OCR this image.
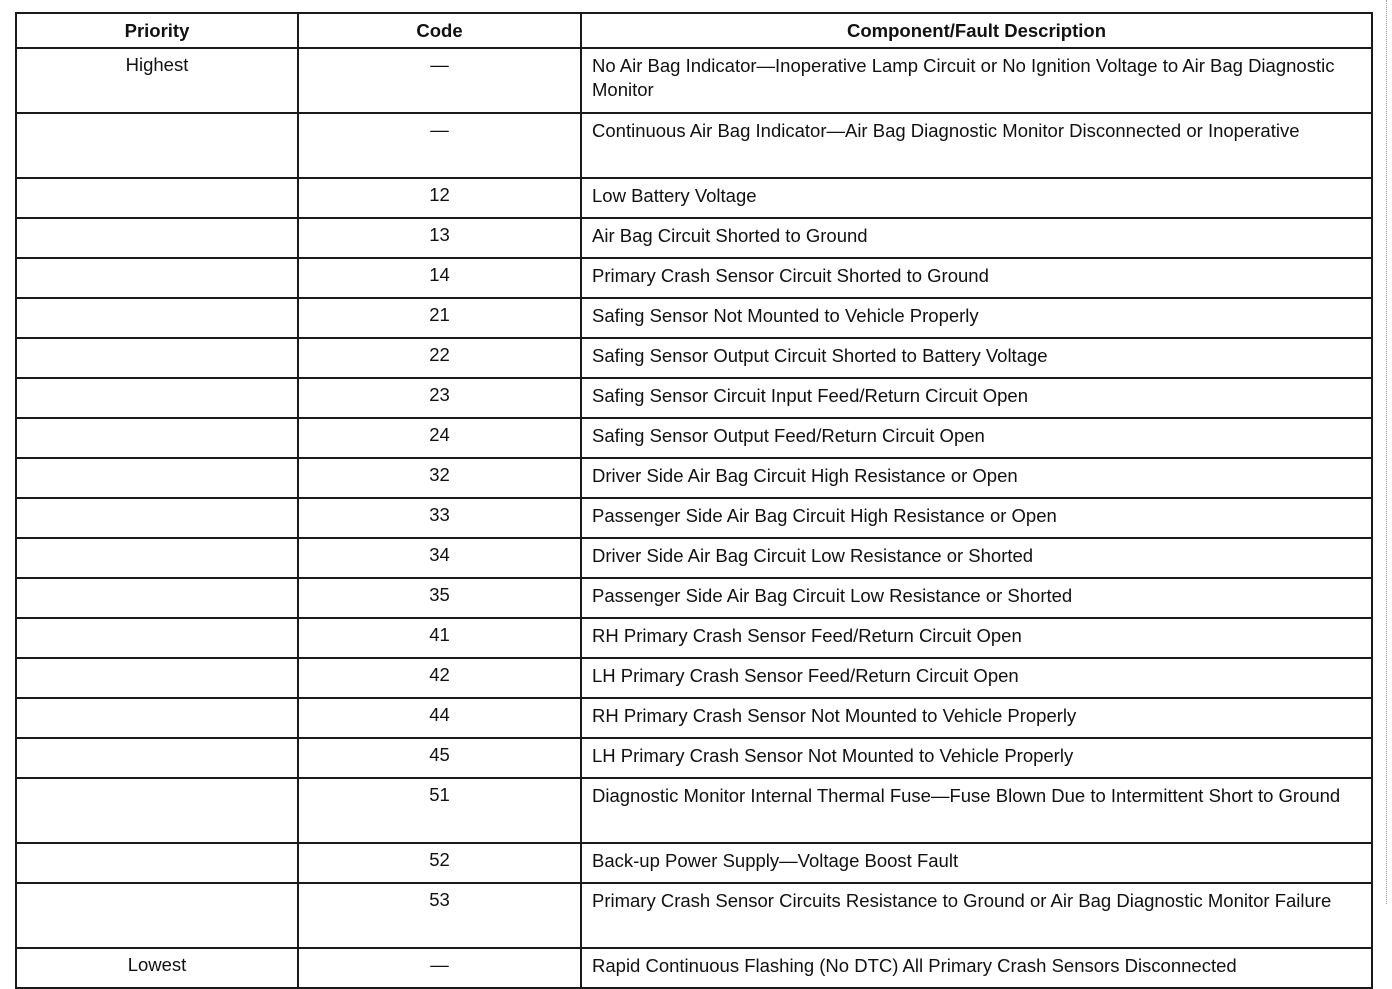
Priority	Code	Component/Fault Description
Highest	—	No Air Bag Indicator—Inoperative Lamp Circuit or No Ignition Voltage to Air Bag Diagnostic Monitor
	—	Continuous Air Bag Indicator—Air Bag Diagnostic Monitor Disconnected or Inoperative
	12	Low Battery Voltage
	13	Air Bag Circuit Shorted to Ground
	14	Primary Crash Sensor Circuit Shorted to Ground
	21	Safing Sensor Not Mounted to Vehicle Properly
	22	Safing Sensor Output Circuit Shorted to Battery Voltage
	23	Safing Sensor Circuit Input Feed/Return Circuit Open
	24	Safing Sensor Output Feed/Return Circuit Open
	32	Driver Side Air Bag Circuit High Resistance or Open
	33	Passenger Side Air Bag Circuit High Resistance or Open
	34	Driver Side Air Bag Circuit Low Resistance or Shorted
	35	Passenger Side Air Bag Circuit Low Resistance or Shorted
	41	RH Primary Crash Sensor Feed/Return Circuit Open
	42	LH Primary Crash Sensor Feed/Return Circuit Open
	44	RH Primary Crash Sensor Not Mounted to Vehicle Properly
	45	LH Primary Crash Sensor Not Mounted to Vehicle Properly
	51	Diagnostic Monitor Internal Thermal Fuse—Fuse Blown Due to Intermittent Short to Ground
	52	Back-up Power Supply—Voltage Boost Fault
	53	Primary Crash Sensor Circuits Resistance to Ground or Air Bag Diagnostic Monitor Failure
Lowest	—	Rapid Continuous Flashing (No DTC) All Primary Crash Sensors Disconnected
